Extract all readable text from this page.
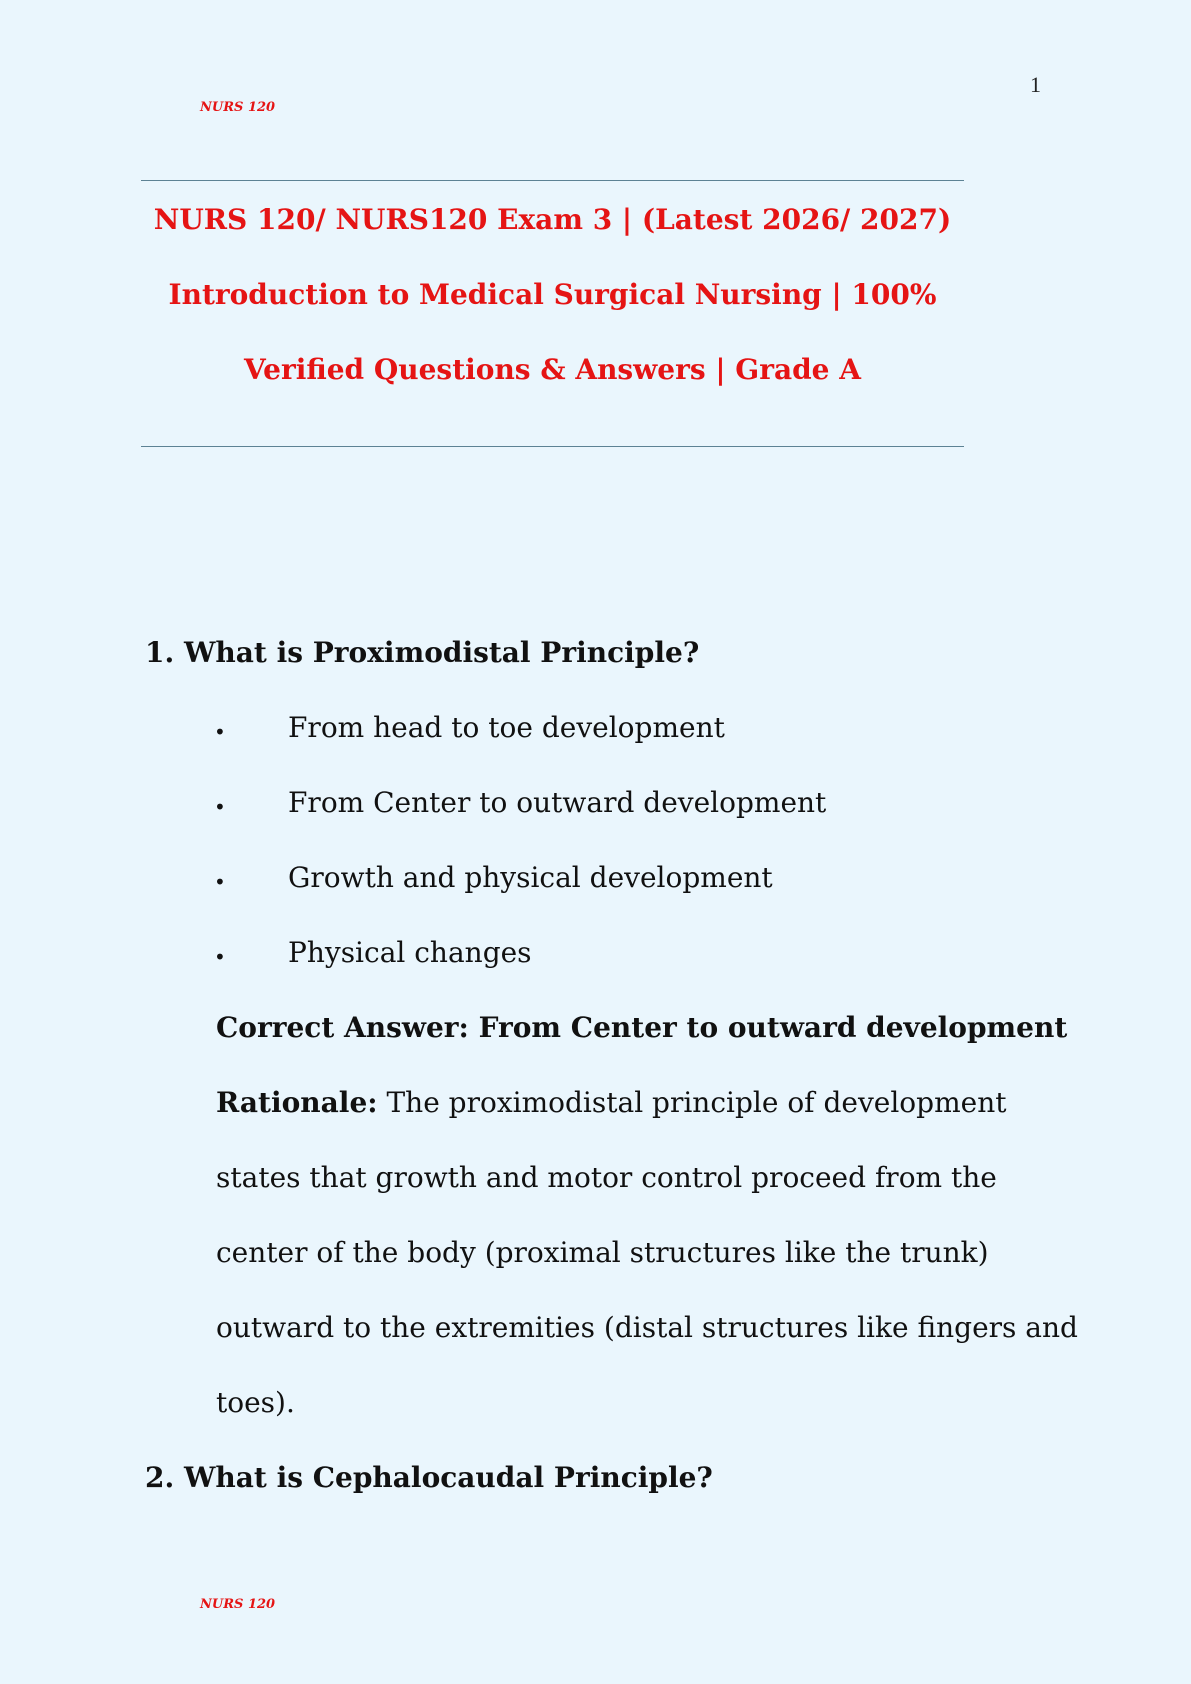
1
NURS 120
NURS 120/ NURS120 Exam 3 | (Latest 2026/ 2027)
Introduction to Medical Surgical Nursing | 100%
Verified Questions & Answers | Grade A
1. What is Proximodistal Principle?
• From head to toe development
• From Center to outward development
• Growth and physical development
• Physical changes
Correct Answer: From Center to outward development
Rationale: The proximodistal principle of development
states that growth and motor control proceed from the
center of the body (proximal structures like the trunk)
outward to the extremities (distal structures like fingers and
toes).
2. What is Cephalocaudal Principle?
NURS 120
